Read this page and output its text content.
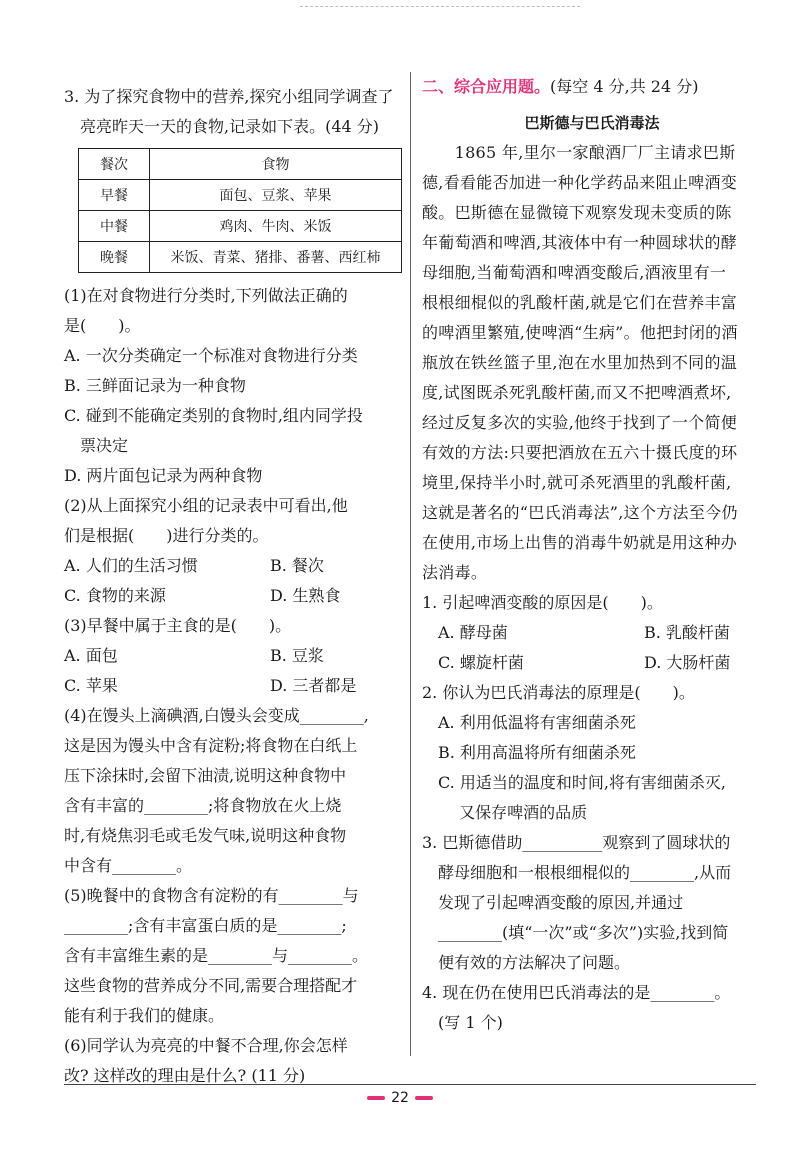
3. 为了探究食物中的营养,探究小组同学调查了
亮亮昨天一天的食物,记录如下表。(44 分)
餐次	食物
早餐	面包、豆浆、苹果
中餐	鸡肉、牛肉、米饭
晚餐	米饭、青菜、猪排、番薯、西红柿
(1)在对食物进行分类时,下列做法正确的
是(　　)。
A. 一次分类确定一个标准对食物进行分类
B. 三鲜面记录为一种食物
C. 碰到不能确定类别的食物时,组内同学投
票决定
D. 两片面包记录为两种食物
(2)从上面探究小组的记录表中可看出,他
们是根据(　　)进行分类的。
A. 人们的生活习惯	B. 餐次
C. 食物的来源	D. 生熟食
(3)早餐中属于主食的是(　　)。
A. 面包	B. 豆浆
C. 苹果	D. 三者都是
(4)在馒头上滴碘酒,白馒头会变成________,
这是因为馒头中含有淀粉;将食物在白纸上
压下涂抹时,会留下油渍,说明这种食物中
含有丰富的________;将食物放在火上烧
时,有烧焦羽毛或毛发气味,说明这种食物
中含有________。
(5)晚餐中的食物含有淀粉的有________与
________;含有丰富蛋白质的是________;
含有丰富维生素的是________与________。
这些食物的营养成分不同,需要合理搭配才
能有利于我们的健康。
(6)同学认为亮亮的中餐不合理,你会怎样
改? 这样改的理由是什么? (11 分)
二、综合应用题。(每空 4 分,共 24 分)
巴斯德与巴氏消毒法
　　1865 年,里尔一家酿酒厂厂主请求巴斯
德,看看能否加进一种化学药品来阻止啤酒变
酸。巴斯德在显微镜下观察发现未变质的陈
年葡萄酒和啤酒,其液体中有一种圆球状的酵
母细胞,当葡萄酒和啤酒变酸后,酒液里有一
根根细棍似的乳酸杆菌,就是它们在营养丰富
的啤酒里繁殖,使啤酒“生病”。他把封闭的酒
瓶放在铁丝篮子里,泡在水里加热到不同的温
度,试图既杀死乳酸杆菌,而又不把啤酒煮坏,
经过反复多次的实验,他终于找到了一个简便
有效的方法:只要把酒放在五六十摄氏度的环
境里,保持半小时,就可杀死酒里的乳酸杆菌,
这就是著名的“巴氏消毒法”,这个方法至今仍
在使用,市场上出售的消毒牛奶就是用这种办
法消毒。
1. 引起啤酒变酸的原因是(　　)。
A. 酵母菌	B. 乳酸杆菌
C. 螺旋杆菌	D. 大肠杆菌
2. 你认为巴氏消毒法的原理是(　　)。
A. 利用低温将有害细菌杀死
B. 利用高温将所有细菌杀死
C. 用适当的温度和时间,将有害细菌杀灭,
　 又保存啤酒的品质
3. 巴斯德借助__________观察到了圆球状的
　酵母细胞和一根根细棍似的________,从而
　发现了引起啤酒变酸的原因,并通过
　________(填“一次”或“多次”)实验,找到简
　便有效的方法解决了问题。
4. 现在仍在使用巴氏消毒法的是________。
　(写 1 个)
22
